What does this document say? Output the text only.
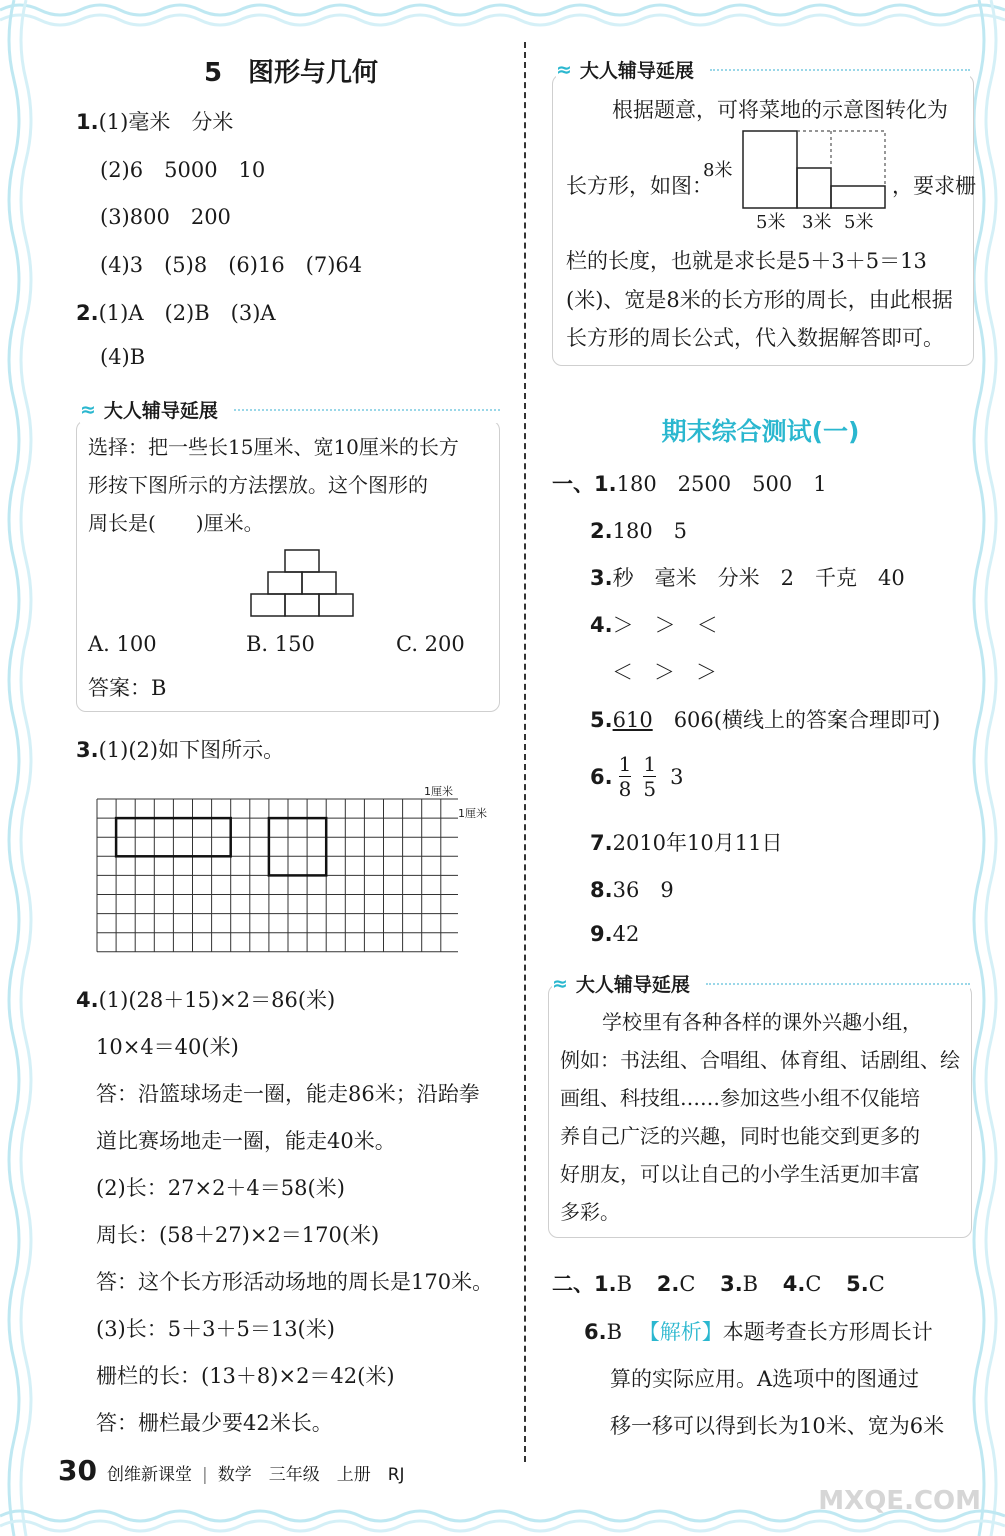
5　图形与几何
1.(1)毫米　分米
(2)6　5000　10
(3)800　200
(4)3　(5)8　(6)16　(7)64
2.(1)A　(2)B　(3)A
(4)B
≈ 大人辅导延展
选择：把一些长15厘米、宽10厘米的长方
形按下图所示的方法摆放。这个图形的
周长是(　　)厘米。
A. 100	B. 150	C. 200
答案：B
3.(1)(2)如下图所示。
1厘米
1厘米
4.(1)(28＋15)×2＝86(米)
10×4＝40(米)
答：沿篮球场走一圈，能走86米；沿跆拳
道比赛场地走一圈，能走40米。
(2)长：27×2＋4＝58(米)
周长：(58＋27)×2＝170(米)
答：这个长方形活动场地的周长是170米。
(3)长：5＋3＋5＝13(米)
栅栏的长：(13＋8)×2＝42(米)
答：栅栏最少要42米长。
≈ 大人辅导延展
根据题意，可将菜地的示意图转化为
长方形，如图：
8米
5米 3米 5米
，要求栅
栏的长度，也就是求长是5＋3＋5＝13
(米)、宽是8米的长方形的周长，由此根据
长方形的周长公式，代入数据解答即可。
期末综合测试(一)
一、1.180　2500　500　1
2.180　5
3.秒　毫米　分米　2　千克　40
4.＞　＞　＜
＜　＞　＞
5.610　 606(横线上的答案合理即可)
6. $\frac{1}{8} \frac{1}{5} 3$
7.2010年10月11日
8.36　9
9.42
≈ 大人辅导延展
学校里有各种各样的课外兴趣小组，
例如：书法组、合唱组、体育组、话剧组、绘
画组、科技组……参加这些小组不仅能培
养自己广泛的兴趣，同时也能交到更多的
好朋友，可以让自己的小学生活更加丰富
多彩。
二、1.B 2.C 3.B 4.C 5.C
6.B 【解析】本题考查长方形周长计
算的实际应用。A选项中的图通过
移一移可以得到长为10米、宽为6米
30 创维新课堂 | 数学　三年级　上册　RJ
MXQE.COM
